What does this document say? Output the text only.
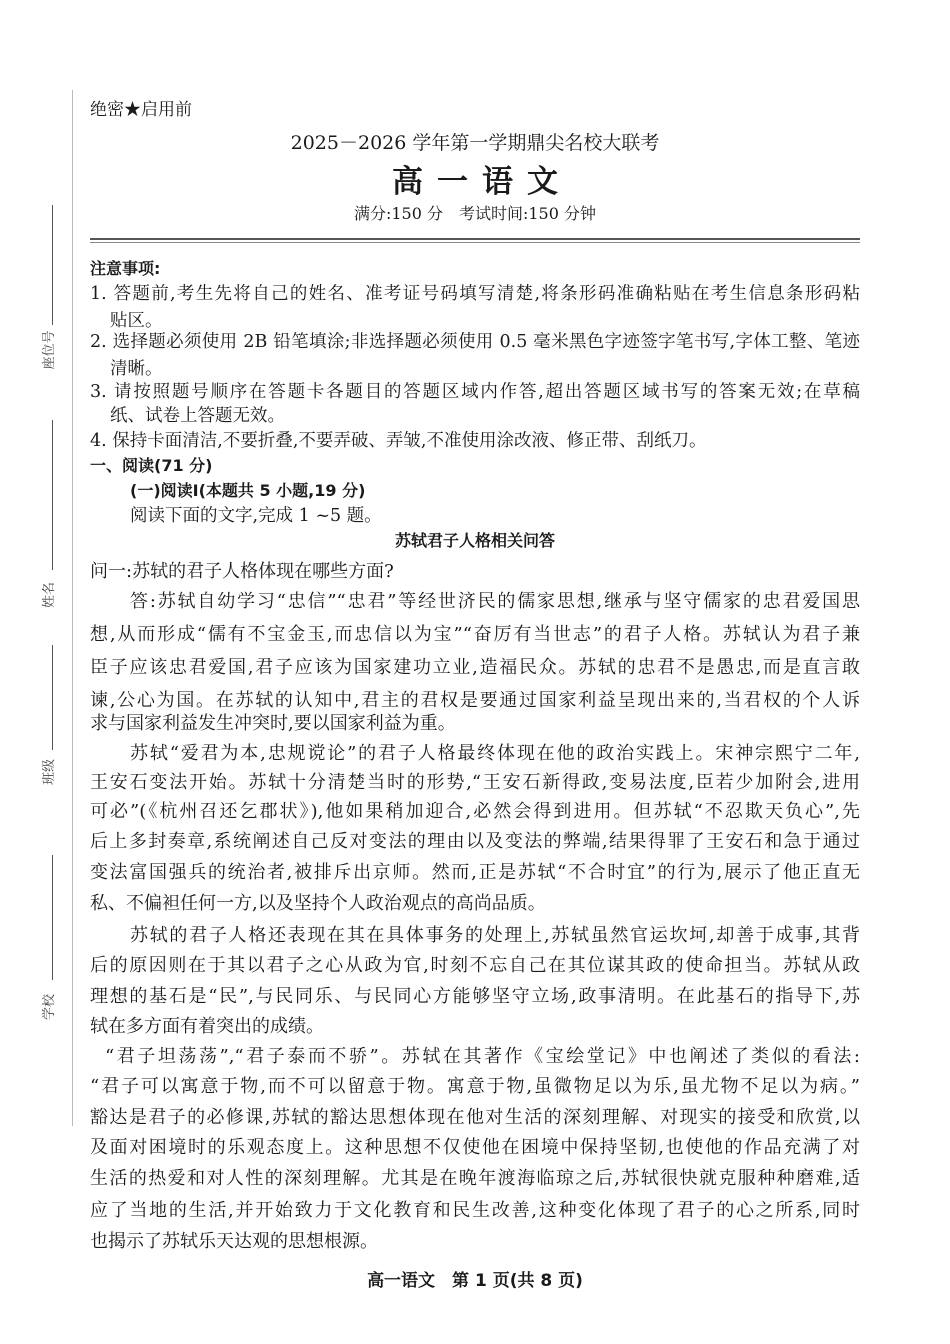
座位号
姓名
班级
学校
绝密★启用前
2025－2026 学年第一学期鼎尖名校大联考
高一语文
满分:150 分　考试时间:150 分钟
注意事项:
1. 答题前,考生先将自己的姓名、准考证号码填写清楚,将条形码准确粘贴在考生信息条形码粘
贴区。
2. 选择题必须使用 2B 铅笔填涂;非选择题必须使用 0.5 毫米黑色字迹签字笔书写,字体工整、笔迹
清晰。
3. 请按照题号顺序在答题卡各题目的答题区域内作答,超出答题区域书写的答案无效;在草稿
纸、试卷上答题无效。
4. 保持卡面清洁,不要折叠,不要弄破、弄皱,不准使用涂改液、修正带、刮纸刀。
一、阅读(71 分)
(一)阅读Ⅰ(本题共 5 小题,19 分)
阅读下面的文字,完成 1 ~5 题。
苏轼君子人格相关问答
问一:苏轼的君子人格体现在哪些方面?
答:苏轼自幼学习“忠信”“忠君”等经世济民的儒家思想,继承与坚守儒家的忠君爱国思
想,从而形成“儒有不宝金玉,而忠信以为宝”“奋厉有当世志”的君子人格。苏轼认为君子兼
臣子应该忠君爱国,君子应该为国家建功立业,造福民众。苏轼的忠君不是愚忠,而是直言敢
谏,公心为国。在苏轼的认知中,君主的君权是要通过国家利益呈现出来的,当君权的个人诉
求与国家利益发生冲突时,要以国家利益为重。
苏轼“爱君为本,忠规谠论”的君子人格最终体现在他的政治实践上。宋神宗熙宁二年,
王安石变法开始。苏轼十分清楚当时的形势,“王安石新得政,变易法度,臣若少加附会,进用
可必”(《杭州召还乞郡状》),他如果稍加迎合,必然会得到进用。但苏轼“不忍欺天负心”,先
后上多封奏章,系统阐述自己反对变法的理由以及变法的弊端,结果得罪了王安石和急于通过
变法富国强兵的统治者,被排斥出京师。然而,正是苏轼“不合时宜”的行为,展示了他正直无
私、不偏袒任何一方,以及坚持个人政治观点的高尚品质。
苏轼的君子人格还表现在其在具体事务的处理上,苏轼虽然官运坎坷,却善于成事,其背
后的原因则在于其以君子之心从政为官,时刻不忘自己在其位谋其政的使命担当。苏轼从政
理想的基石是“民”,与民同乐、与民同心方能够坚守立场,政事清明。在此基石的指导下,苏
轼在多方面有着突出的成绩。
“君子坦荡荡”,“君子泰而不骄”。苏轼在其著作《宝绘堂记》中也阐述了类似的看法:
“君子可以寓意于物,而不可以留意于物。寓意于物,虽微物足以为乐,虽尤物不足以为病。”
豁达是君子的必修课,苏轼的豁达思想体现在他对生活的深刻理解、对现实的接受和欣赏,以
及面对困境时的乐观态度上。这种思想不仅使他在困境中保持坚韧,也使他的作品充满了对
生活的热爱和对人性的深刻理解。尤其是在晚年渡海临琼之后,苏轼很快就克服种种磨难,适
应了当地的生活,并开始致力于文化教育和民生改善,这种变化体现了君子的心之所系,同时
也揭示了苏轼乐天达观的思想根源。
高一语文　第 1 页(共 8 页)
